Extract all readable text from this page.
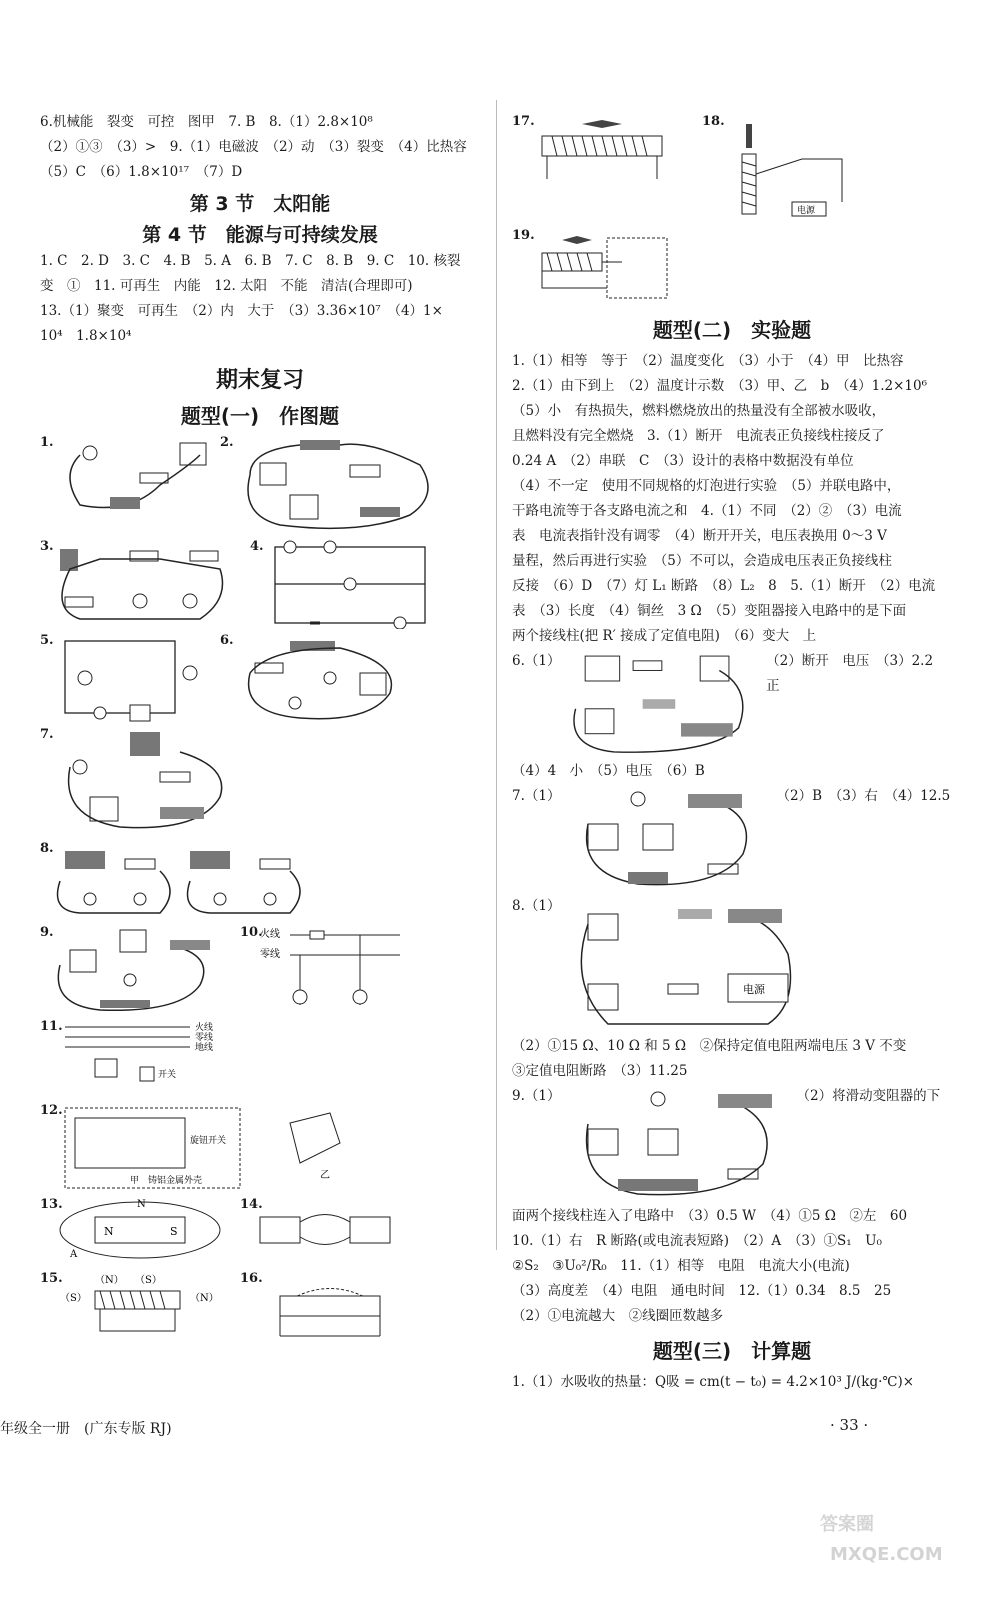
6.机械能　裂变　可控　图甲　7. B　8.（1）2.8×10⁸

（2）①③　（3）>　9.（1）电磁波　（2）动　（3）裂变　（4）比热容

（5）C　（6）1.8×10¹⁷　（7）D

第 3 节　太阳能
第 4 节　能源与可持续发展

1. C　2. D　3. C　4. B　5. A　6. B　7. C　8. B　9. C　10. 核裂

变　①　11. 可再生　内能　12. 太阳　不能　清洁(合理即可)

13.（1）聚变　可再生　（2）内　大于　（3）3.36×10⁷　（4）1×

10⁴　1.8×10⁴

期末复习
题型(一)　作图题
1.	2.
3.	4.
5.	6.
7.
8.
9.	10.
火线
零线
11.	火线
零线
地线
开关
12.
旋钮开关
甲　铸铝金属外壳	乙
13.
N	S
N
A
14.
15.	（N） （S）
（S）	（N）
16.
17.	18.
电源
19.
题型(二)　实验题

1.（1）相等　等于　（2）温度变化　（3）小于　（4）甲　比热容

2.（1）由下到上　（2）温度计示数　（3）甲、乙　b　（4）1.2×10⁶

（5）小　有热损失，燃料燃烧放出的热量没有全部被水吸收，

且燃料没有完全燃烧　3.（1）断开　电流表正负接线柱接反了

0.24 A　（2）串联　C　（3）设计的表格中数据没有单位

（4）不一定　使用不同规格的灯泡进行实验　（5）并联电路中，

干路电流等于各支路电流之和　4.（1）不同　（2）②　（3）电流

表　电流表指针没有调零　（4）断开开关，电压表换用 0～3 V

量程，然后再进行实验　（5）不可以，会造成电压表正负接线柱

反接　（6）D　（7）灯 L₁ 断路　（8）L₂　8　5.（1）断开　（2）电流

表　（3）长度　（4）铜丝　3 Ω　（5）变阻器接入电路中的是下面

两个接线柱(把 R′ 接成了定值电阻)　（6）变大　上

6.（1）	（2）断开　电压　（3）2.2　正

（4）4　小　（5）电压　（6）B

7.（1）	（2）B　（3）右　（4）12.5
8.（1）
电源

（2）①15 Ω、10 Ω 和 5 Ω　②保持定值电阻两端电压 3 V 不变

③定值电阻断路　（3）11.25

9.（1）	（2）将滑动变阻器的下

面两个接线柱连入了电路中　（3）0.5 W　（4）①5 Ω　②左　60

10.（1）右　R 断路(或电流表短路)　（2）A　（3）①S₁　U₀

②S₂　③U₀²/R₀　11.（1）相等　电阻　电流大小(电流)

（3）高度差　（4）电阻　通电时间　12.（1）0.34　8.5　25

（2）①电流越大　②线圈匝数越多

题型(三)　计算题

1.（1）水吸收的热量：Q吸 = cm(t − t₀) = 4.2×10³ J/(kg·℃)×

年级全一册　(广东专版 RJ)	· 33 ·
答案圈
MXQE.COM
